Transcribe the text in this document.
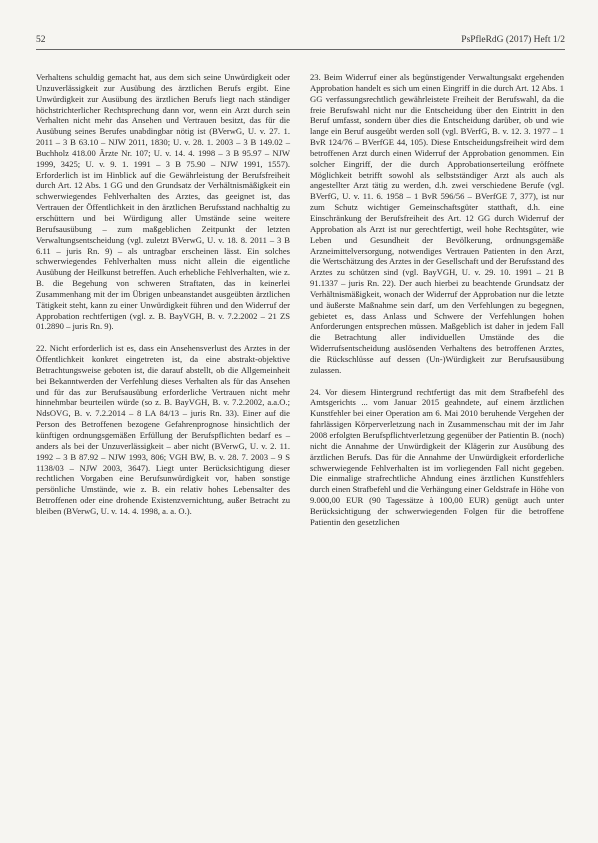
52	PsPfleRdG (2017) Heft 1/2

Verhaltens schuldig gemacht hat, aus dem sich seine Unwürdigkeit oder Unzuverlässigkeit zur Ausübung des ärztlichen Berufs ergibt. Eine Unwürdigkeit zur Ausübung des ärztlichen Berufs liegt nach ständiger höchstrichterlicher Rechtsprechung dann vor, wenn ein Arzt durch sein Verhalten nicht mehr das Ansehen und Vertrauen besitzt, das für die Ausübung seines Berufes unabdingbar nötig ist (BVerwG, U. v. 27. 1. 2011 – 3 B 63.10 – NJW 2011, 1830; U. v. 28. 1. 2003 – 3 B 149.02 – Buchholz 418.00 Ärzte Nr. 107; U. v. 14. 4. 1998 – 3 B 95.97 – NJW 1999, 3425; U. v. 9. 1. 1991 – 3 B 75.90 – NJW 1991, 1557). Erforderlich ist im Hinblick auf die Gewährleistung der Berufsfreiheit durch Art. 12 Abs. 1 GG und den Grundsatz der Verhältnismäßigkeit ein schwerwiegendes Fehlverhalten des Arztes, das geeignet ist, das Vertrauen der Öffentlichkeit in den ärztlichen Berufsstand nachhaltig zu erschüttern und bei Würdigung aller Umstände seine weitere Berufsausübung – zum maßgeblichen Zeitpunkt der letzten Verwaltungsentscheidung (vgl. zuletzt BVerwG, U. v. 18. 8. 2011 – 3 B 6.11 – juris Rn. 9) – als untragbar erscheinen lässt. Ein solches schwerwiegendes Fehlverhalten muss nicht allein die eigentliche Ausübung der Heilkunst betreffen. Auch erhebliche Fehlverhalten, wie z. B. die Begehung von schweren Straftaten, das in keinerlei Zusammenhang mit der im Übrigen unbeanstandet ausgeübten ärztlichen Tätigkeit steht, kann zu einer Unwürdigkeit führen und den Widerruf der Approbation rechtfertigen (vgl. z. B. BayVGH, B. v. 7.2.2002 – 21 ZS 01.2890 – juris Rn. 9).

22. Nicht erforderlich ist es, dass ein Ansehensverlust des Arztes in der Öffentlichkeit konkret eingetreten ist, da eine abstrakt-objektive Betrachtungsweise geboten ist, die darauf abstellt, ob die Allgemeinheit bei Bekanntwerden der Verfehlung dieses Verhalten als für das Ansehen und für das zur Berufsausübung erforderliche Vertrauen nicht mehr hinnehmbar beurteilen würde (so z. B. BayVGH, B. v. 7.2.2002, a.a.O.; NdsOVG, B. v. 7.2.2014 – 8 LA 84/13 – juris Rn. 33). Einer auf die Person des Betroffenen bezogene Gefahrenprognose hinsichtlich der künftigen ordnungsgemäßen Erfüllung der Berufspflichten bedarf es – anders als bei der Unzuverlässigkeit – aber nicht (BVerwG, U. v. 2. 11. 1992 – 3 B 87.92 – NJW 1993, 806; VGH BW, B. v. 28. 7. 2003 – 9 S 1138/03 – NJW 2003, 3647). Liegt unter Berücksichtigung dieser rechtlichen Vorgaben eine Berufsunwürdigkeit vor, haben sonstige persönliche Umstände, wie z. B. ein relativ hohes Lebensalter des Betroffenen oder eine drohende Existenzvernichtung, außer Betracht zu bleiben (BVerwG, U. v. 14. 4. 1998, a. a. O.).

23. Beim Widerruf einer als begünstigender Verwaltungsakt ergehenden Approbation handelt es sich um einen Eingriff in die durch Art. 12 Abs. 1 GG verfassungsrechtlich gewährleistete Freiheit der Berufswahl, da die freie Berufswahl nicht nur die Entscheidung über den Eintritt in den Beruf umfasst, sondern über dies die Entscheidung darüber, ob und wie lange ein Beruf ausgeübt werden soll (vgl. BVerfG, B. v. 12. 3. 1977 – 1 BvR 124/76 – BVerfGE 44, 105). Diese Entscheidungsfreiheit wird dem betroffenen Arzt durch einen Widerruf der Approbation genommen. Ein solcher Eingriff, der die durch Approbationserteilung eröffnete Möglichkeit betrifft sowohl als selbstständiger Arzt als auch als angestellter Arzt tätig zu werden, d.h. zwei verschiedene Berufe (vgl. BVerfG, U. v. 11. 6. 1958 – 1 BvR 596/56 – BVerfGE 7, 377), ist nur zum Schutz wichtiger Gemeinschaftsgüter statthaft, d.h. eine Einschränkung der Berufsfreiheit des Art. 12 GG durch Widerruf der Approbation als Arzt ist nur gerechtfertigt, weil hohe Rechtsgüter, wie Leben und Gesundheit der Bevölkerung, ordnungsgemäße Arzneimittelversorgung, notwendiges Vertrauen Patienten in den Arzt, die Wertschätzung des Arztes in der Gesellschaft und der Berufsstand des Arztes zu schützen sind (vgl. BayVGH, U. v. 29. 10. 1991 – 21 B 91.1337 – juris Rn. 22). Der auch hierbei zu beachtende Grundsatz der Verhältnismäßigkeit, wonach der Widerruf der Approbation nur die letzte und äußerste Maßnahme sein darf, um den Verfehlungen zu begegnen, gebietet es, dass Anlass und Schwere der Verfehlungen hohen Anforderungen entsprechen müssen. Maßgeblich ist daher in jedem Fall die Betrachtung aller individuellen Umstände des die Widerrufsentscheidung auslösenden Verhaltens des betroffenen Arztes, die Rückschlüsse auf dessen (Un-)Würdigkeit zur Berufsausübung zulassen.

24. Vor diesem Hintergrund rechtfertigt das mit dem Strafbefehl des Amtsgerichts ... vom Januar 2015 geahndete, auf einem ärztlichen Kunstfehler bei einer Operation am 6. Mai 2010 beruhende Vergehen der fahrlässigen Körperverletzung nach in Zusammenschau mit der im Jahr 2008 erfolgten Berufspflichtverletzung gegenüber der Patientin B. (noch) nicht die Annahme der Unwürdigkeit der Klägerin zur Ausübung des ärztlichen Berufs. Das für die Annahme der Unwürdigkeit erforderliche schwerwiegende Fehlverhalten ist im vorliegenden Fall nicht gegeben. Die einmalige strafrechtliche Ahndung eines ärztlichen Kunstfehlers durch einen Strafbefehl und die Verhängung einer Geldstrafe in Höhe von 9.000,00 EUR (90 Tagessätze à 100,00 EUR) genügt auch unter Berücksichtigung der schwerwiegenden Folgen für die betroffene Patientin den gesetzlichen
